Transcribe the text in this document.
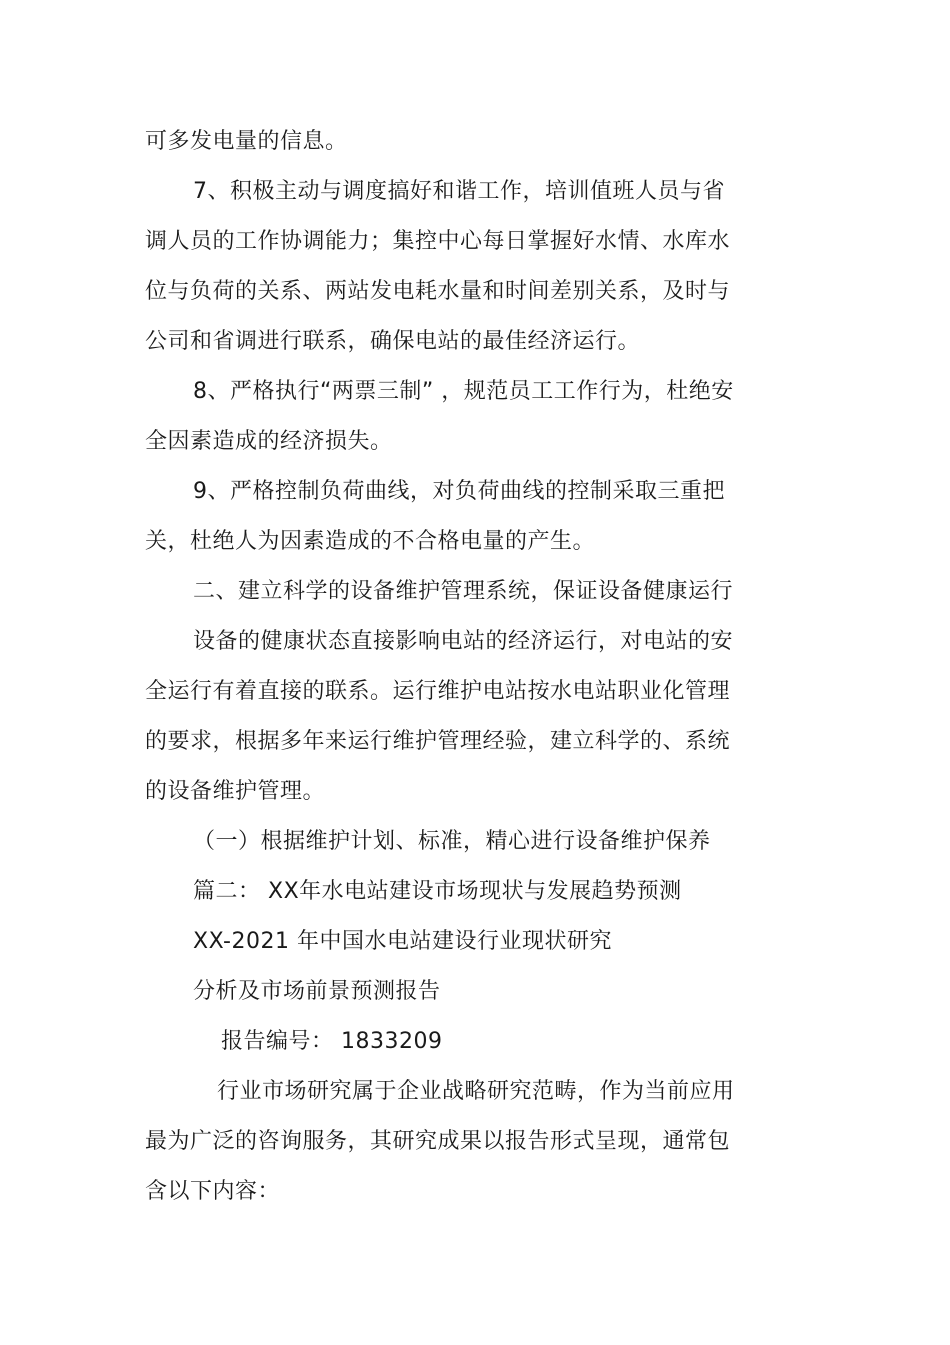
可多发电量的信息。
7、积极主动与调度搞好和谐工作，培训值班人员与省
调人员的工作协调能力；集控中心每日掌握好水情、水库水
位与负荷的关系、两站发电耗水量和时间差别关系，及时与
公司和省调进行联系，确保电站的最佳经济运行。
8、严格执行“两票三制” ，规范员工工作行为，杜绝安
全因素造成的经济损失。
9、严格控制负荷曲线，对负荷曲线的控制采取三重把
关，杜绝人为因素造成的不合格电量的产生。
二、建立科学的设备维护管理系统，保证设备健康运行
设备的健康状态直接影响电站的经济运行，对电站的安
全运行有着直接的联系。运行维护电站按水电站职业化管理
的要求，根据多年来运行维护管理经验，建立科学的、系统
的设备维护管理。
（一）根据维护计划、标准，精心进行设备维护保养
篇二： XX年水电站建设市场现状与发展趋势预测
XX-2021 年中国水电站建设行业现状研究
分析及市场前景预测报告
报告编号： 1833209
行业市场研究属于企业战略研究范畴，作为当前应用
最为广泛的咨询服务，其研究成果以报告形式呈现，通常包
含以下内容：
